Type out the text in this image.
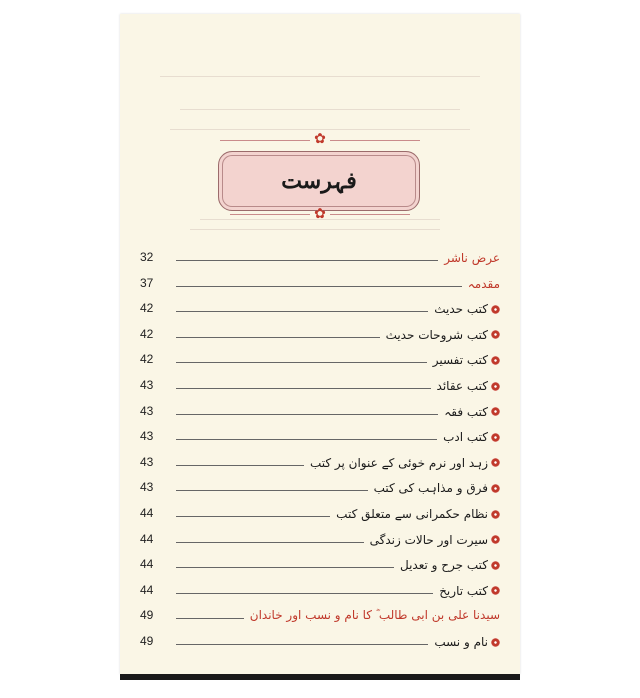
✿
فہرست
✿
32	عرض ناشر
37	مقدمہ
42	کتب حدیث
42	کتب شروحات حدیث
42	کتب تفسیر
43	کتب عقائد
43	کتب فقہ
43	کتب ادب
43	زہد اور نرم خوئی کے عنوان پر کتب
43	فرق و مذاہب کی کتب
44	نظام حکمرانی سے متعلق کتب
44	سیرت اور حالات زندگی
44	کتب جرح و تعدیل
44	کتب تاریخ
49	سیدنا علی بن ابی طالب ؓ کا نام و نسب اور خاندان
49	نام و نسب
